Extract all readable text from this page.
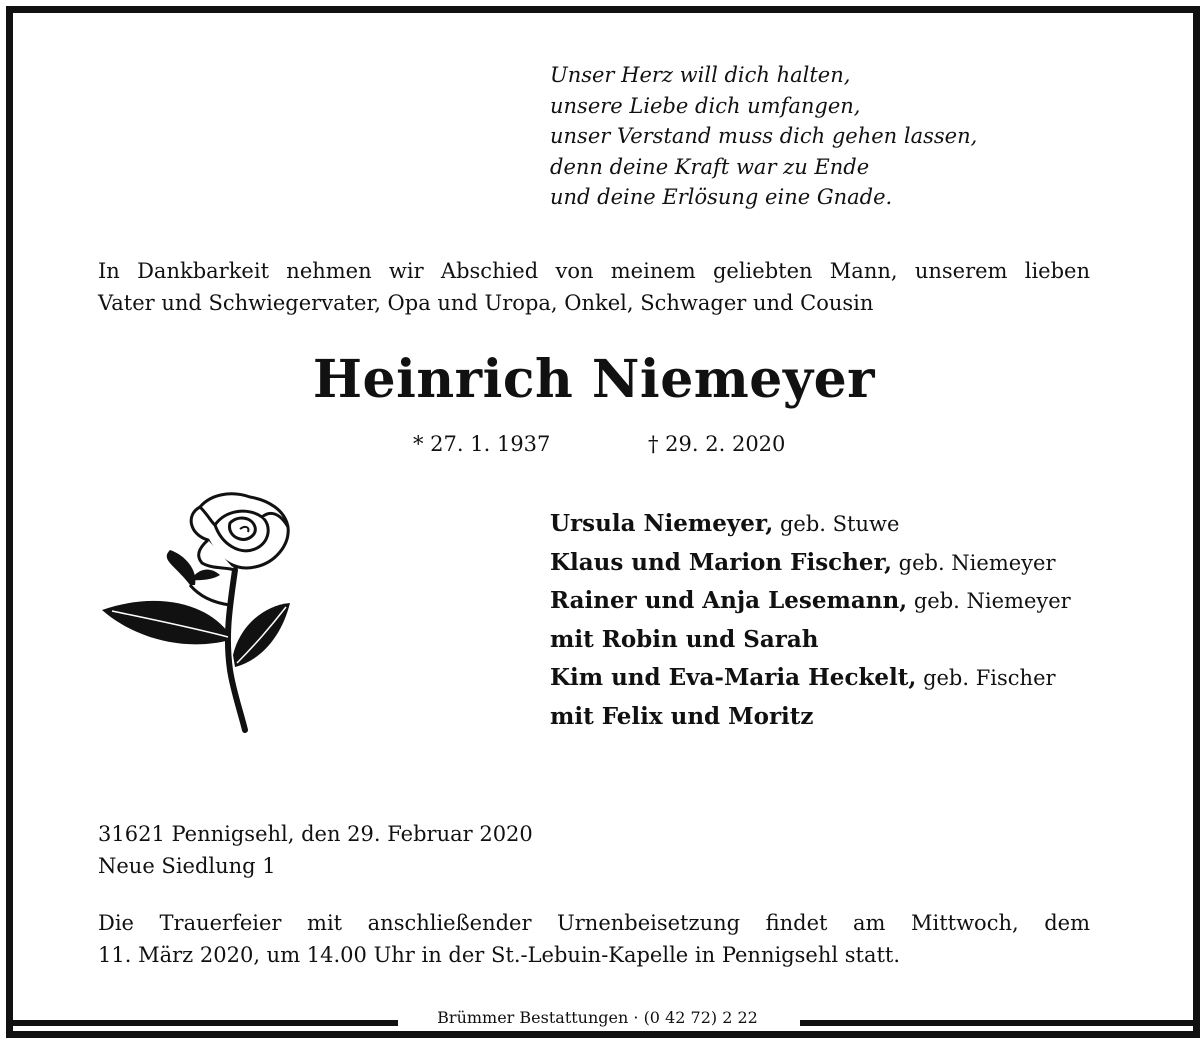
Unser Herz will dich halten,
unsere Liebe dich umfangen,
unser Verstand muss dich gehen lassen,
denn deine Kraft war zu Ende
und deine Erlösung eine Gnade.
In Dankbarkeit nehmen wir Abschied von meinem geliebten Mann, unserem lieben
Vater und Schwiegervater, Opa und Uropa, Onkel, Schwager und Cousin
Heinrich Niemeyer
* 27. 1. 1937	† 29. 2. 2020
Ursula Niemeyer, geb. Stuwe
Klaus und Marion Fischer, geb. Niemeyer
Rainer und Anja Lesemann, geb. Niemeyer
mit Robin und Sarah
Kim und Eva-Maria Heckelt, geb. Fischer
mit Felix und Moritz
31621 Pennigsehl, den 29. Februar 2020
Neue Siedlung 1
Die Trauerfeier mit anschließender Urnenbeisetzung findet am Mittwoch, dem
11. März 2020, um 14.00 Uhr in der St.-Lebuin-Kapelle in Pennigsehl statt.
Brümmer Bestattungen · (0 42 72) 2 22
